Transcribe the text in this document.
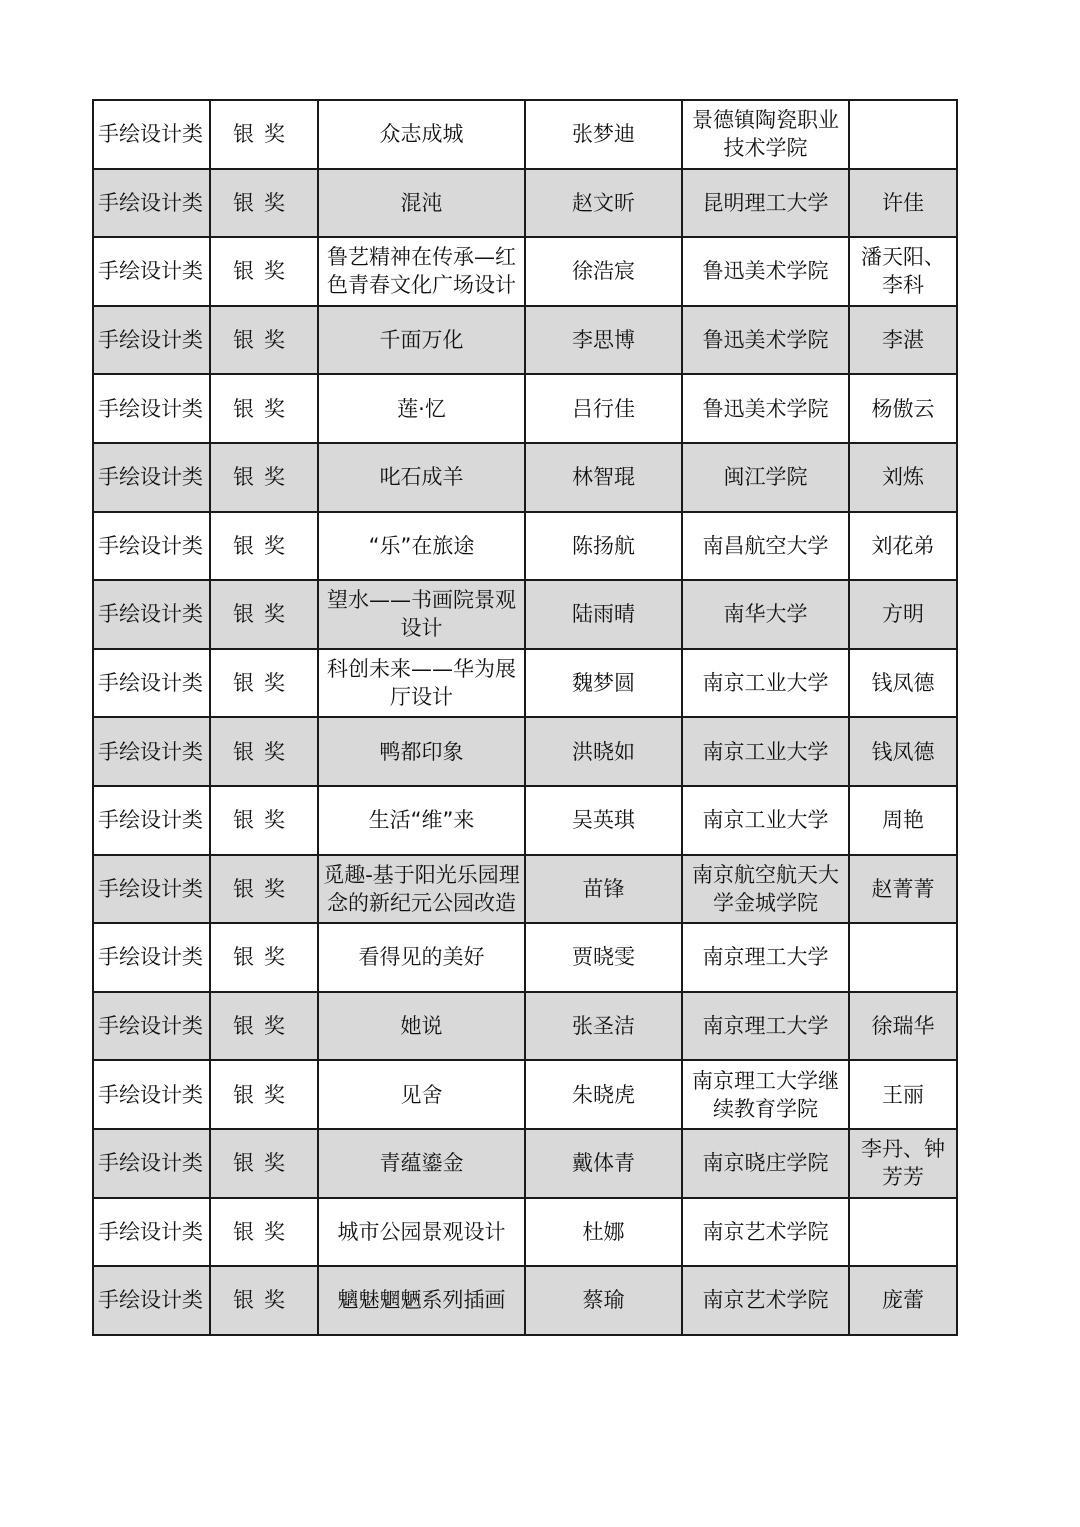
手绘设计类	银奖	众志成城	张梦迪	景德镇陶瓷职业技术学院	

手绘设计类	银奖	混沌	赵文昕	昆明理工大学	许佳

手绘设计类	银奖	鲁艺精神在传承—红色青春文化广场设计	徐浩宸	鲁迅美术学院	潘天阳、李科

手绘设计类	银奖	千面万化	李思博	鲁迅美术学院	李湛

手绘设计类	银奖	莲·忆	吕行佳	鲁迅美术学院	杨傲云

手绘设计类	银奖	叱石成羊	林智琨	闽江学院	刘炼

手绘设计类	银奖	“乐”在旅途	陈扬航	南昌航空大学	刘花弟

手绘设计类	银奖	望水——书画院景观设计	陆雨晴	南华大学	方明

手绘设计类	银奖	科创未来——华为展厅设计	魏梦圆	南京工业大学	钱凤德

手绘设计类	银奖	鸭都印象	洪晓如	南京工业大学	钱凤德

手绘设计类	银奖	生活“维”来	吴英琪	南京工业大学	周艳

手绘设计类	银奖	觅趣-基于阳光乐园理念的新纪元公园改造	苗锋	南京航空航天大学金城学院	赵菁菁

手绘设计类	银奖	看得见的美好	贾晓雯	南京理工大学	

手绘设计类	银奖	她说	张圣洁	南京理工大学	徐瑞华

手绘设计类	银奖	见舍	朱晓虎	南京理工大学继续教育学院	王丽

手绘设计类	银奖	青蕴鎏金	戴体青	南京晓庄学院	李丹、钟芳芳

手绘设计类	银奖	城市公园景观设计	杜娜	南京艺术学院	

手绘设计类	银奖	魑魅魍魉系列插画	蔡瑜	南京艺术学院	庞蕾
